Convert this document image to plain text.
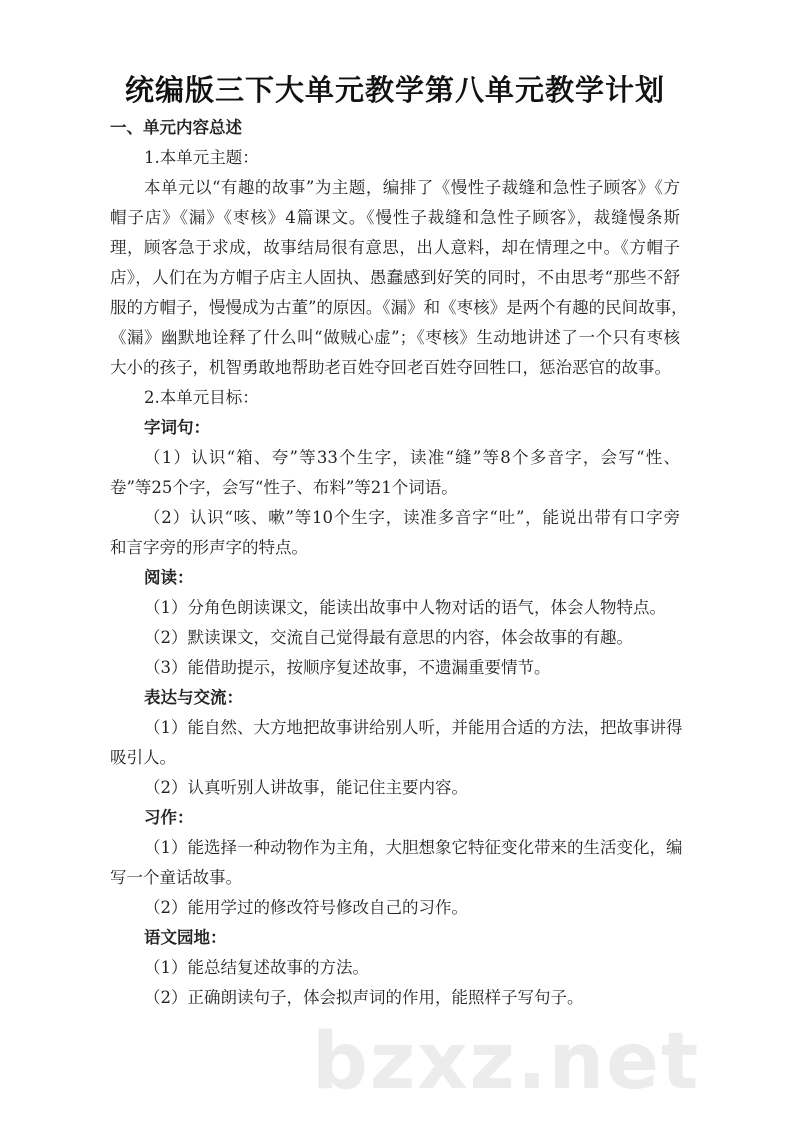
统编版三下大单元教学第八单元教学计划
一、单元内容总述
1.本单元主题：
本单元以“有趣的故事”为主题，编排了《慢性子裁缝和急性子顾客》《方
帽子店》《漏》《枣核》4篇课文。《慢性子裁缝和急性子顾客》，裁缝慢条斯
理，顾客急于求成，故事结局很有意思，出人意料，却在情理之中。《方帽子
店》，人们在为方帽子店主人固执、愚蠢感到好笑的同时，不由思考“那些不舒
服的方帽子，慢慢成为古董”的原因。《漏》和《枣核》是两个有趣的民间故事，
《漏》幽默地诠释了什么叫“做贼心虚”；《枣核》生动地讲述了一个只有枣核
大小的孩子，机智勇敢地帮助老百姓夺回老百姓夺回牲口，惩治恶官的故事。
2.本单元目标：
字词句：
（1）认识“箱、夸”等33个生字，读准“缝”等8个多音字，会写“性、
卷”等25个字，会写“性子、布料”等21个词语。
（2）认识“咳、嗽”等10个生字，读准多音字“吐”，能说出带有口字旁
和言字旁的形声字的特点。
阅读：
（1）分角色朗读课文，能读出故事中人物对话的语气，体会人物特点。
（2）默读课文，交流自己觉得最有意思的内容，体会故事的有趣。
（3）能借助提示，按顺序复述故事，不遗漏重要情节。
表达与交流：
（1）能自然、大方地把故事讲给别人听，并能用合适的方法，把故事讲得
吸引人。
（2）认真听别人讲故事，能记住主要内容。
习作：
（1）能选择一种动物作为主角，大胆想象它特征变化带来的生活变化，编
写一个童话故事。
（2）能用学过的修改符号修改自己的习作。
语文园地：
（1）能总结复述故事的方法。
（2）正确朗读句子，体会拟声词的作用，能照样子写句子。
bzxz.net
